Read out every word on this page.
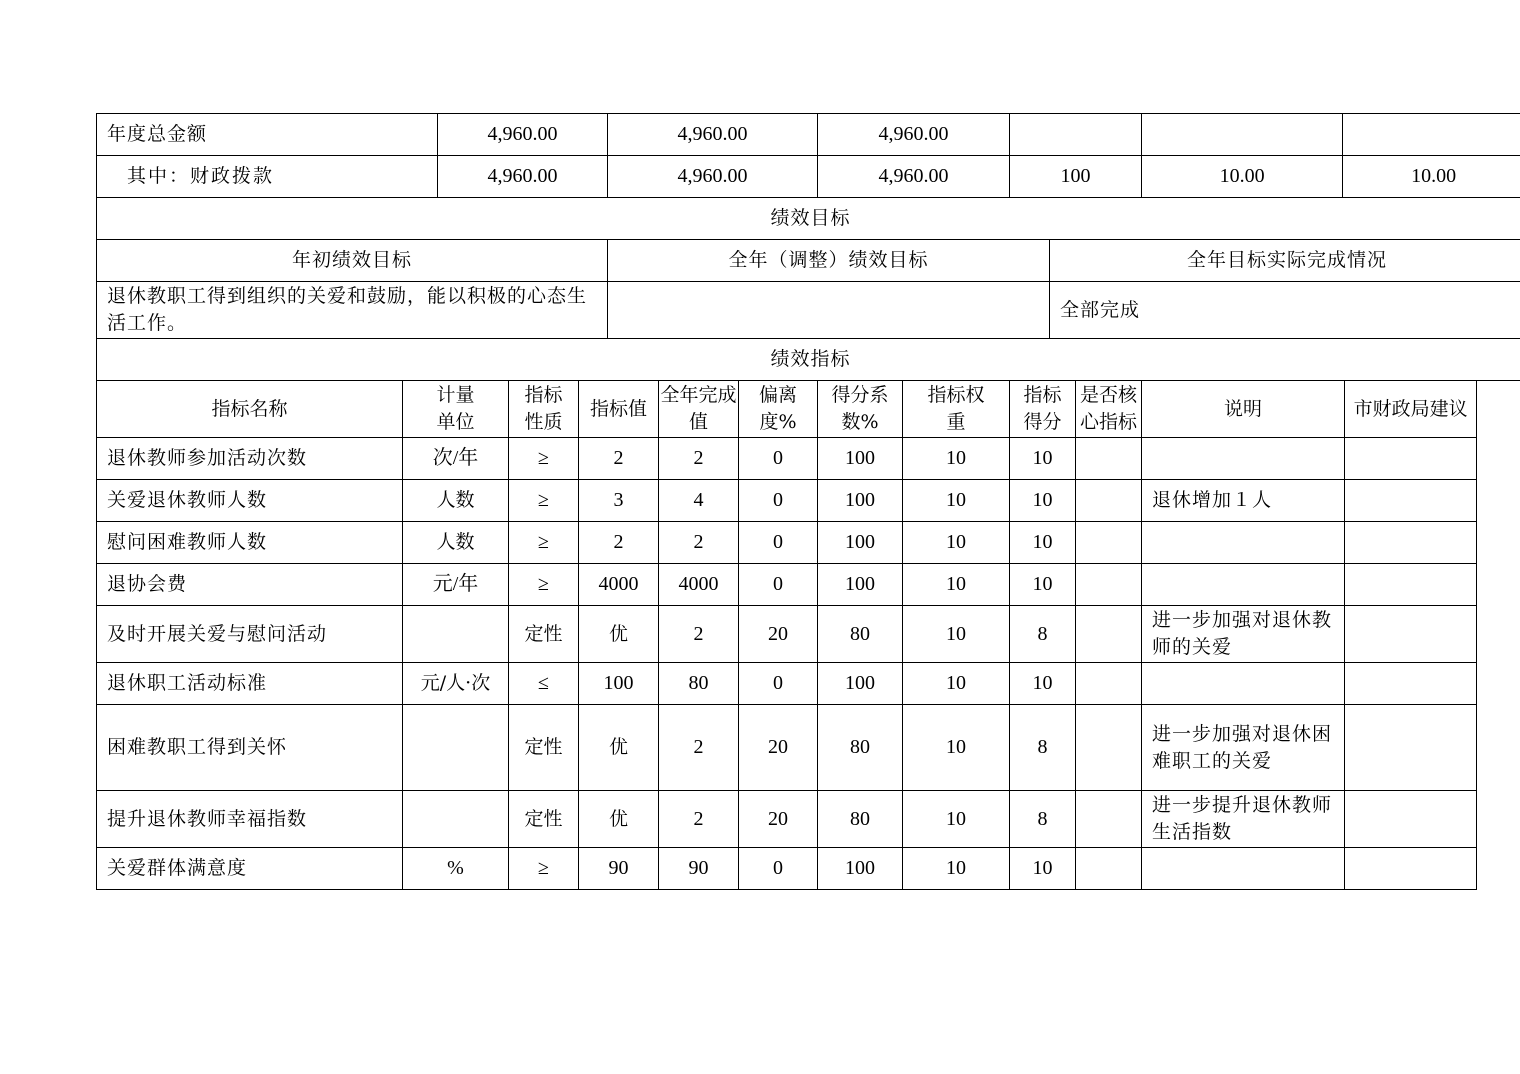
年度总金额		4,960.00			4,960.00			4,960.00							
其中：财政拨款		4,960.00			4,960.00			4,960.00		100			10.00	10.00	
绩效目标															
年初绩效目标					全年（调整）绩效目标						全年目标实际完成情况				
退休教职工得到组织的关爱和鼓励，能以积极的心态生活工作。											全部完成				
绩效指标															
指标名称	计量单位		指标性质	指标值		全年完成值	偏离度%	得分系数%	指标权重	指标得分		是否核心指标	说明		市财政局建议
退休教师参加活动次数	次/年		≥	2		2	0	100	10	10					
关爱退休教师人数	人数		≥	3		4	0	100	10	10			退休增加１人		
慰问困难教师人数	人数		≥	2		2	0	100	10	10					
退协会费	元/年		≥	4000		4000	0	100	10	10					
及时开展关爱与慰问活动			定性	优		2	20	80	10	8			进一步加强对退休教师的关爱		
退休职工活动标准	元/人·次		≤	100		80	0	100	10	10					
困难教职工得到关怀			定性	优		2	20	80	10	8			进一步加强对退休困难职工的关爱		
提升退休教师幸福指数			定性	优		2	20	80	10	8			进一步提升退休教师生活指数		
关爱群体满意度	%		≥	90		90	0	100	10	10					
